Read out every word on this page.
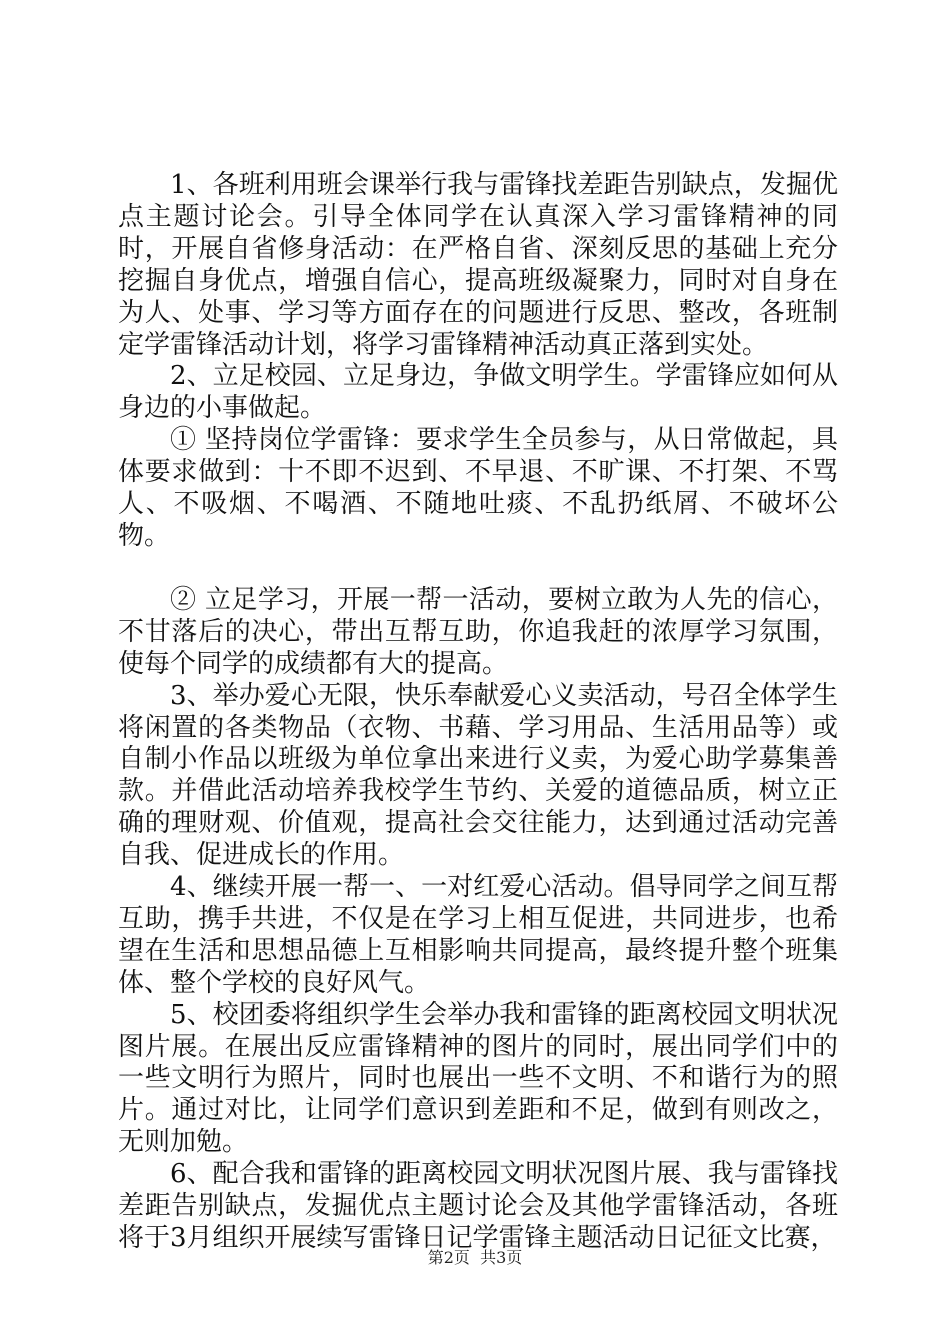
1、各班利用班会课举行我与雷锋找差距告别缺点，发掘优点主题讨论会。引导全体同学在认真深入学习雷锋精神的同时，开展自省修身活动：在严格自省、深刻反思的基础上充分挖掘自身优点，增强自信心，提高班级凝聚力，同时对自身在为人、处事、学习等方面存在的问题进行反思、整改，各班制定学雷锋活动计划，将学习雷锋精神活动真正落到实处。

2、立足校园、立足身边，争做文明学生。学雷锋应如何从身边的小事做起。

① 坚持岗位学雷锋：要求学生全员参与，从日常做起，具体要求做到：十不即不迟到、不早退、不旷课、不打架、不骂人、不吸烟、不喝酒、不随地吐痰、不乱扔纸屑、不破坏公物。

② 立足学习，开展一帮一活动，要树立敢为人先的信心，不甘落后的决心，带出互帮互助，你追我赶的浓厚学习氛围，使每个同学的成绩都有大的提高。

3、举办爱心无限，快乐奉献爱心义卖活动，号召全体学生将闲置的各类物品（衣物、书藉、学习用品、生活用品等）或自制小作品以班级为单位拿出来进行义卖，为爱心助学募集善款。并借此活动培养我校学生节约、关爱的道德品质，树立正确的理财观、价值观，提高社会交往能力，达到通过活动完善自我、促进成长的作用。

4、继续开展一帮一、一对红爱心活动。倡导同学之间互帮互助，携手共进，不仅是在学习上相互促进，共同进步，也希望在生活和思想品德上互相影响共同提高，最终提升整个班集体、整个学校的良好风气。

5、校团委将组织学生会举办我和雷锋的距离校园文明状况图片展。在展出反应雷锋精神的图片的同时，展出同学们中的一些文明行为照片，同时也展出一些不文明、不和谐行为的照片。通过对比，让同学们意识到差距和不足，做到有则改之，无则加勉。

6、配合我和雷锋的距离校园文明状况图片展、我与雷锋找差距告别缺点，发掘优点主题讨论会及其他学雷锋活动，各班将于3月组织开展续写雷锋日记学雷锋主题活动日记征文比赛，

第2页  共3页
